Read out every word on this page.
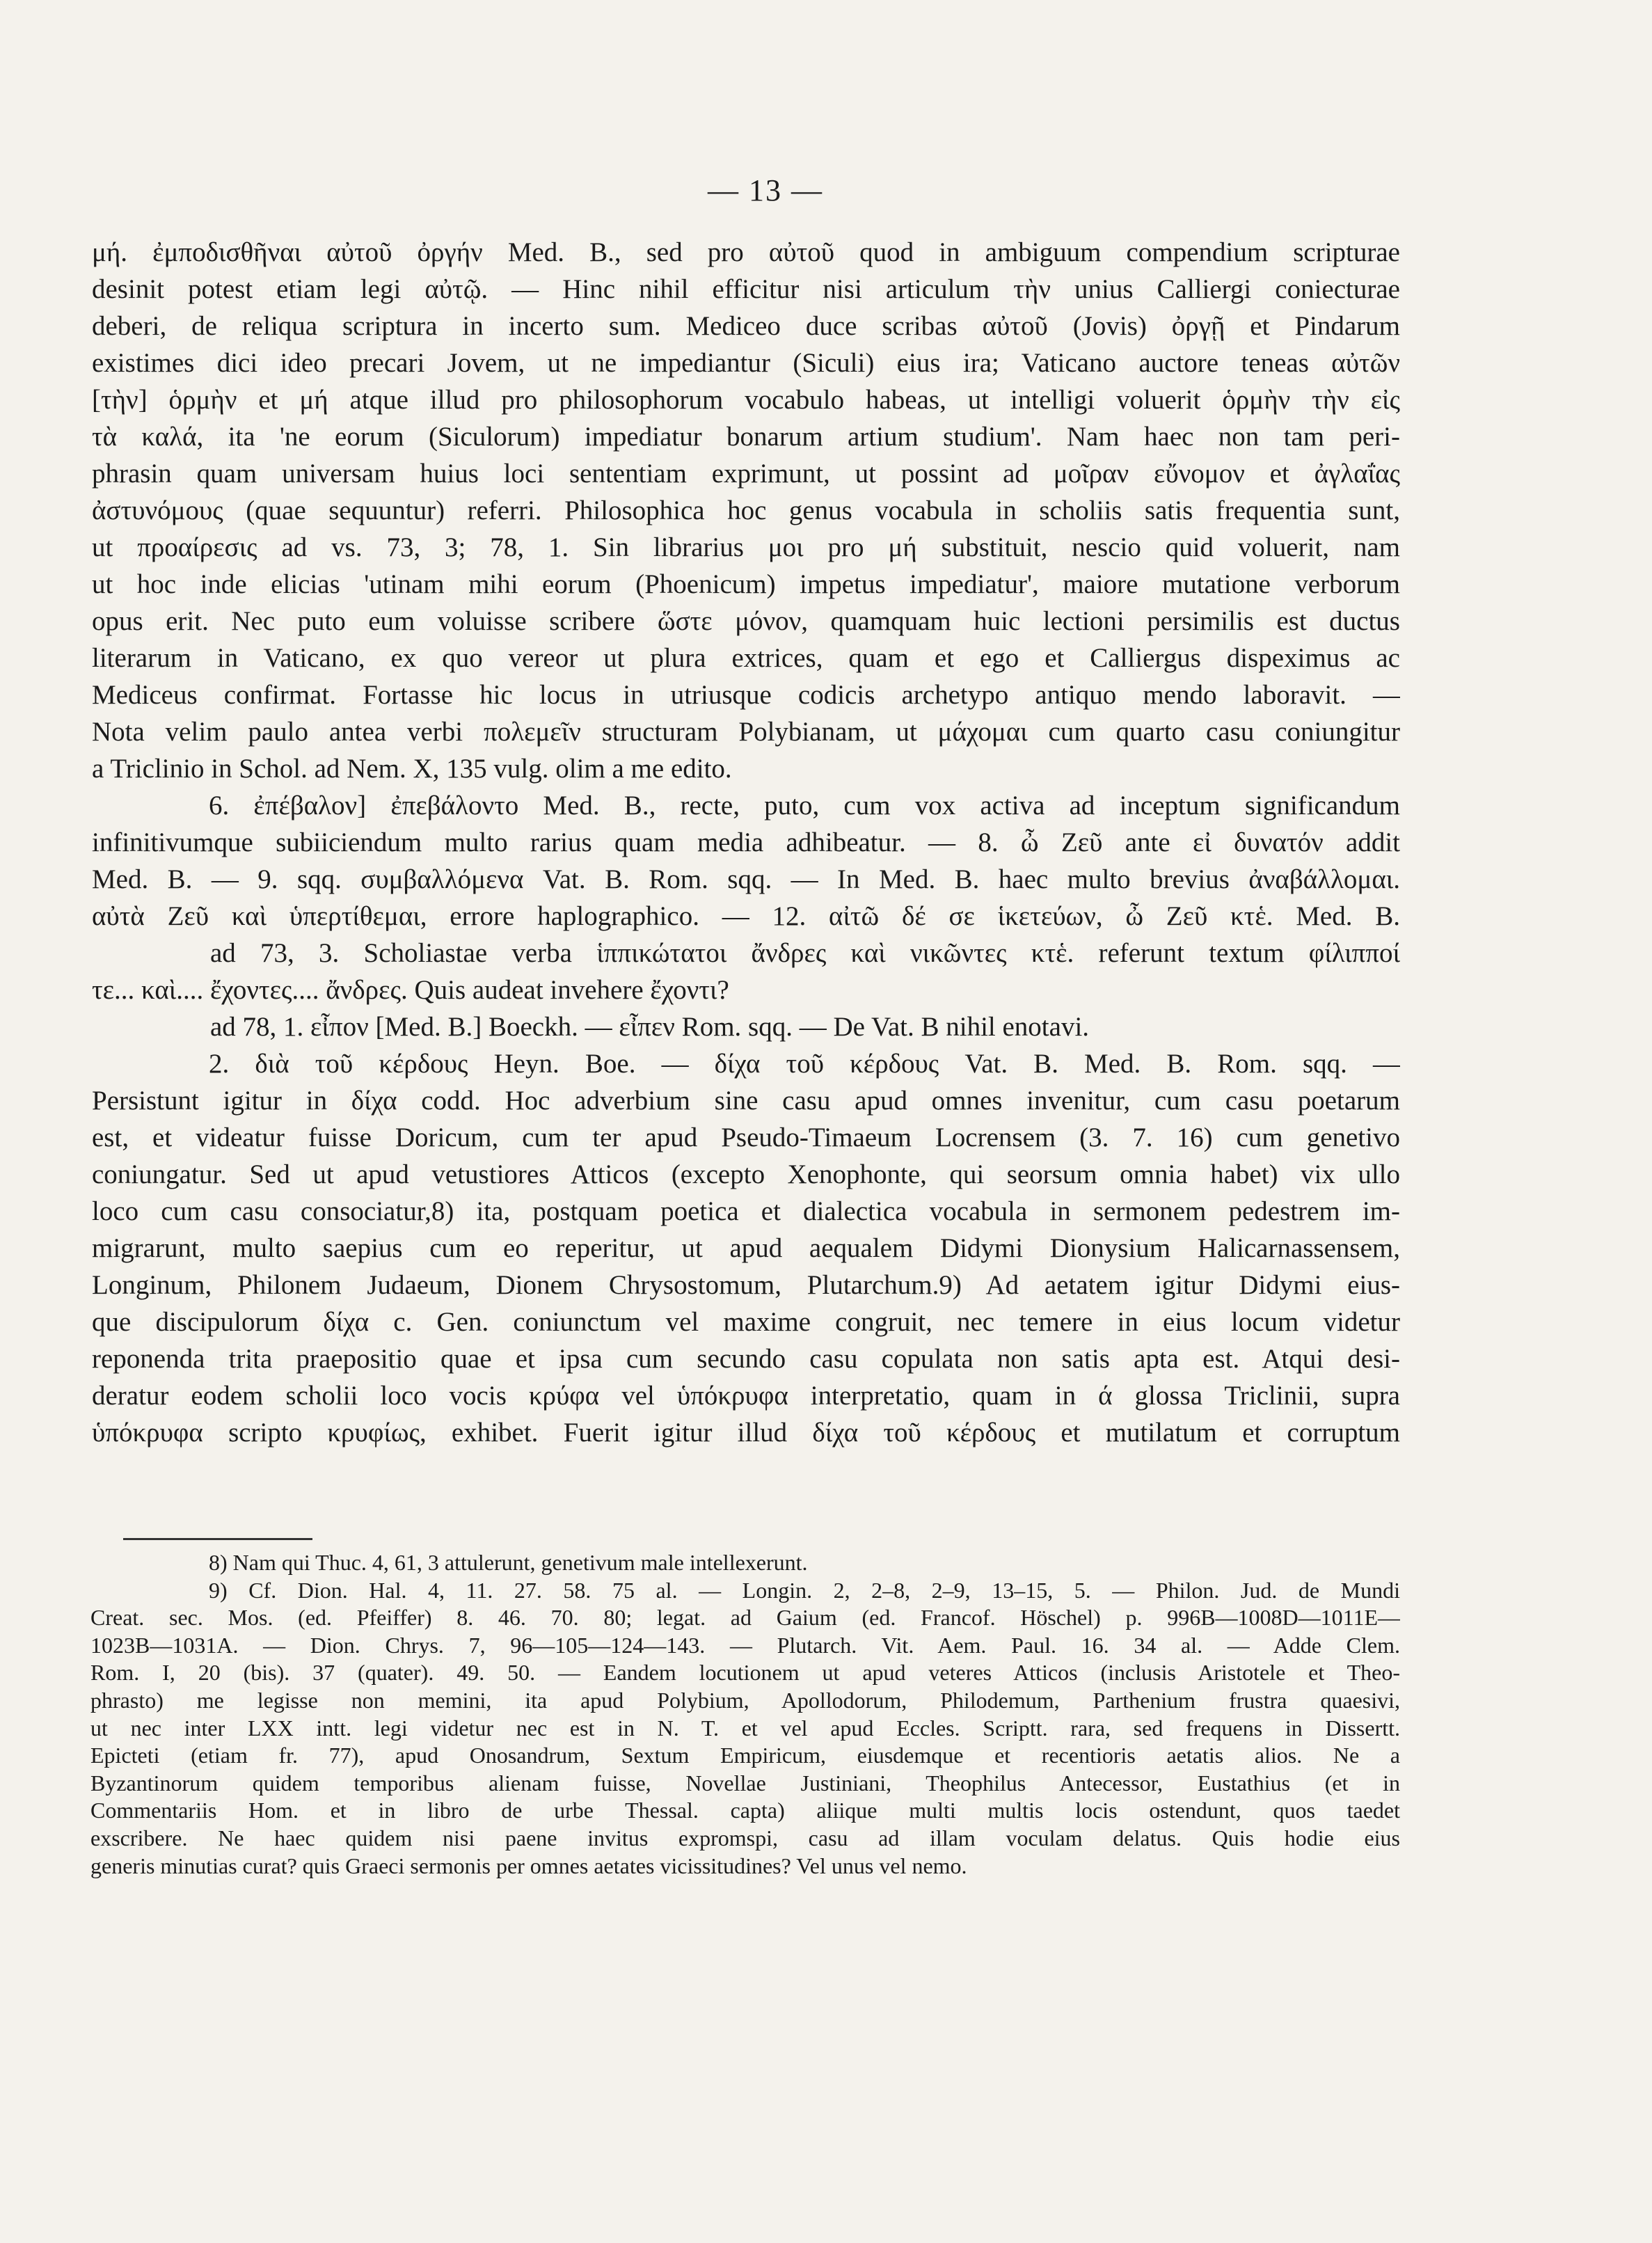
— 13 —
μή. ἐμποδισθῆναι αὐτοῦ ὀργήν Med. B., sed pro αὐτοῦ quod in ambiguum compendium scripturae
desinit potest etiam legi αὐτῷ. — Hinc nihil efficitur nisi articulum τὴν unius Calliergi coniecturae
deberi, de reliqua scriptura in incerto sum. Mediceo duce scribas αὐτοῦ (Jovis) ὀργῇ et Pindarum
existimes dici ideo precari Jovem, ut ne impediantur (Siculi) eius ira; Vaticano auctore teneas αὐτῶν
[τὴν] ὁρμὴν et μή atque illud pro philosophorum vocabulo habeas, ut intelligi voluerit ὁρμὴν τὴν εἰς
τὰ καλά, ita 'ne eorum (Siculorum) impediatur bonarum artium studium'. Nam haec non tam peri-
phrasin quam universam huius loci sententiam exprimunt, ut possint ad μοῖραν εὔνομον et ἀγλαΐας
ἀστυνόμους (quae sequuntur) referri. Philosophica hoc genus vocabula in scholiis satis frequentia sunt,
ut προαίρεσις ad vs. 73, 3; 78, 1. Sin librarius μοι pro μή substituit, nescio quid voluerit, nam
ut hoc inde elicias 'utinam mihi eorum (Phoenicum) impetus impediatur', maiore mutatione verborum
opus erit. Nec puto eum voluisse scribere ὥστε μόνον, quamquam huic lectioni persimilis est ductus
literarum in Vaticano, ex quo vereor ut plura extrices, quam et ego et Calliergus dispeximus ac
Mediceus confirmat. Fortasse hic locus in utriusque codicis archetypo antiquo mendo laboravit. —
Nota velim paulo antea verbi πολεμεῖν structuram Polybianam, ut μάχομαι cum quarto casu coniungitur
a Triclinio in Schol. ad Nem. X, 135 vulg. olim a me edito.
6. ἐπέβαλον] ἐπεβάλοντο Med. B., recte, puto, cum vox activa ad inceptum significandum
infinitivumque subiiciendum multo rarius quam media adhibeatur. — 8. ὦ Ζεῦ ante εἰ δυνατόν addit
Med. B. — 9. sqq. συμβαλλόμενα Vat. B. Rom. sqq. — In Med. B. haec multo brevius ἀναβάλλομαι.
αὐτὰ Ζεῦ καὶ ὑπερτίθεμαι, errore haplographico. — 12. αἰτῶ δέ σε ἱκετεύων, ὦ Ζεῦ κτἑ. Med. B.
ad 73, 3. Scholiastae verba ἱππικώτατοι ἄνδρες καὶ νικῶντες κτἑ. referunt textum φίλιπποί
τε... καὶ.... ἔχοντες.... ἄνδρες. Quis audeat invehere ἔχοντι?
ad 78, 1. εἶπον [Med. B.] Boeckh. — εἶπεν Rom. sqq. — De Vat. B nihil enotavi.
2. διὰ τοῦ κέρδους Heyn. Boe. — δίχα τοῦ κέρδους Vat. B. Med. B. Rom. sqq. —
Persistunt igitur in δίχα codd. Hoc adverbium sine casu apud omnes invenitur, cum casu poetarum
est, et videatur fuisse Doricum, cum ter apud Pseudo-Timaeum Locrensem (3. 7. 16) cum genetivo
coniungatur. Sed ut apud vetustiores Atticos (excepto Xenophonte, qui seorsum omnia habet) vix ullo
loco cum casu consociatur,8) ita, postquam poetica et dialectica vocabula in sermonem pedestrem im-
migrarunt, multo saepius cum eo reperitur, ut apud aequalem Didymi Dionysium Halicarnassensem,
Longinum, Philonem Judaeum, Dionem Chrysostomum, Plutarchum.9) Ad aetatem igitur Didymi eius-
que discipulorum δίχα c. Gen. coniunctum vel maxime congruit, nec temere in eius locum videtur
reponenda trita praepositio quae et ipsa cum secundo casu copulata non satis apta est. Atqui desi-
deratur eodem scholii loco vocis κρύφα vel ὑπόκρυφα interpretatio, quam in ά glossa Triclinii, supra
ὑπόκρυφα scripto κρυφίως, exhibet. Fuerit igitur illud δίχα τοῦ κέρδους et mutilatum et corruptum
8) Nam qui Thuc. 4, 61, 3 attulerunt, genetivum male intellexerunt.
9) Cf. Dion. Hal. 4, 11. 27. 58. 75 al. — Longin. 2, 2–8, 2–9, 13–15, 5. — Philon. Jud. de Mundi
Creat. sec. Mos. (ed. Pfeiffer) 8. 46. 70. 80; legat. ad Gaium (ed. Francof. Höschel) p. 996B—1008D—1011E—
1023B—1031A. — Dion. Chrys. 7, 96—105—124—143. — Plutarch. Vit. Aem. Paul. 16. 34 al. — Adde Clem.
Rom. I, 20 (bis). 37 (quater). 49. 50. — Eandem locutionem ut apud veteres Atticos (inclusis Aristotele et Theo-
phrasto) me legisse non memini, ita apud Polybium, Apollodorum, Philodemum, Parthenium frustra quaesivi,
ut nec inter LXX intt. legi videtur nec est in N. T. et vel apud Eccles. Scriptt. rara, sed frequens in Dissertt.
Epicteti (etiam fr. 77), apud Onosandrum, Sextum Empiricum, eiusdemque et recentioris aetatis alios. Ne a
Byzantinorum quidem temporibus alienam fuisse, Novellae Justiniani, Theophilus Antecessor, Eustathius (et in
Commentariis Hom. et in libro de urbe Thessal. capta) aliique multi multis locis ostendunt, quos taedet
exscribere. Ne haec quidem nisi paene invitus expromspi, casu ad illam voculam delatus. Quis hodie eius
generis minutias curat? quis Graeci sermonis per omnes aetates vicissitudines? Vel unus vel nemo.
